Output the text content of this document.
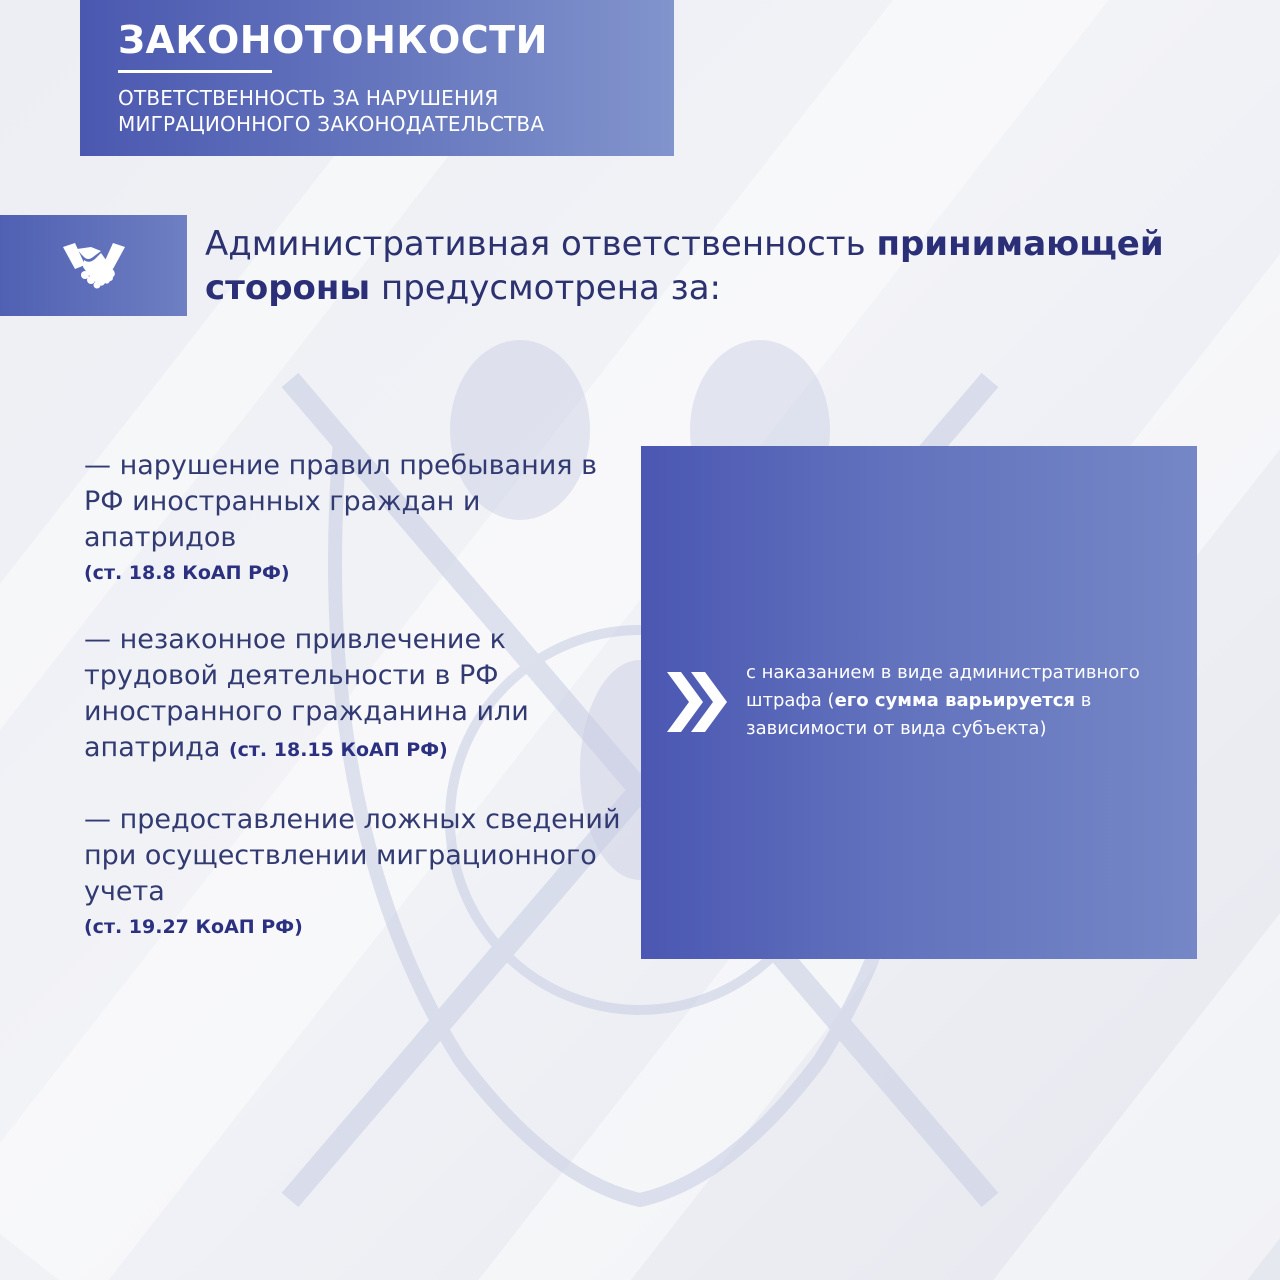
ЗАКОНОТОНКОСТИ
ОТВЕТСТВЕННОСТЬ ЗА НАРУШЕНИЯ
МИГРАЦИОННОГО ЗАКОНОДАТЕЛЬСТВА
Административная ответственность принимающей стороны предусмотрена за:
— нарушение правил пребывания в РФ иностранных граждан и апатридов
(ст. 18.8 КоАП РФ)
— незаконное привлечение к трудовой деятельности в РФ иностранного гражданина или апатрида (ст. 18.15 КоАП РФ)
— предоставление ложных сведений при осуществлении миграционного учета
(ст. 19.27 КоАП РФ)
с наказанием в виде административного штрафа (его сумма варьируется в зависимости от вида субъекта)
